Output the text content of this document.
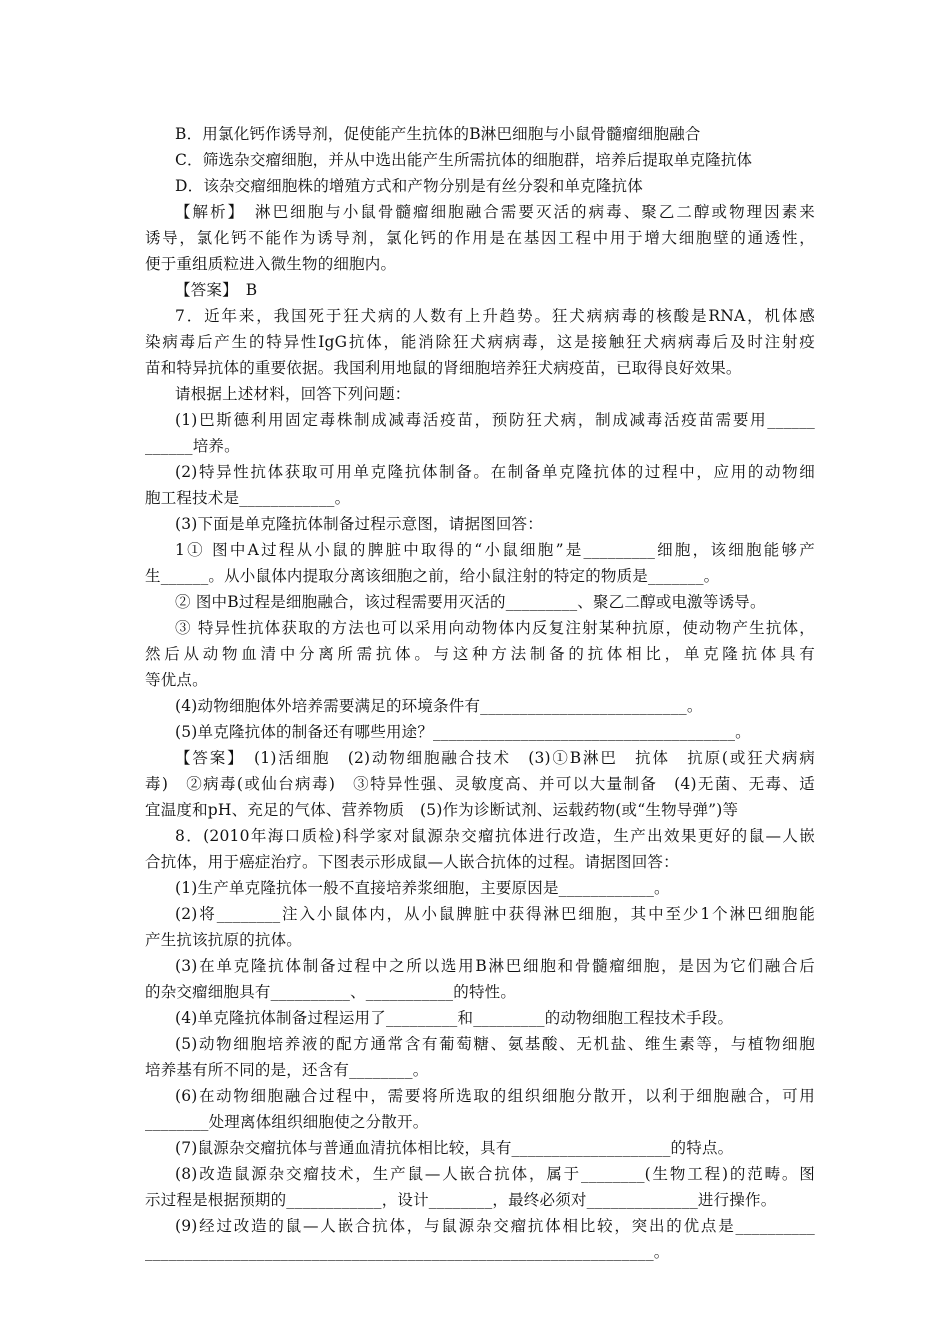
B．用氯化钙作诱导剂，促使能产生抗体的B淋巴细胞与小鼠骨髓瘤细胞融合
C．筛选杂交瘤细胞，并从中选出能产生所需抗体的细胞群，培养后提取单克隆抗体
D．该杂交瘤细胞株的增殖方式和产物分别是有丝分裂和单克隆抗体
【解析】　淋巴细胞与小鼠骨髓瘤细胞融合需要灭活的病毒、聚乙二醇或物理因素来
诱导，氯化钙不能作为诱导剂，氯化钙的作用是在基因工程中用于增大细胞壁的通透性，
便于重组质粒进入微生物的细胞内。
【答案】　B
7．近年来，我国死于狂犬病的人数有上升趋势。狂犬病病毒的核酸是RNA，机体感
染病毒后产生的特异性IgG抗体，能消除狂犬病病毒，这是接触狂犬病病毒后及时注射疫
苗和特异抗体的重要依据。我国利用地鼠的肾细胞培养狂犬病疫苗，已取得良好效果。
请根据上述材料，回答下列问题：
(1)巴斯德利用固定毒株制成减毒活疫苗，预防狂犬病，制成减毒活疫苗需要用______
______培养。
(2)特异性抗体获取可用单克隆抗体制备。在制备单克隆抗体的过程中，应用的动物细
胞工程技术是____________。
(3)下面是单克隆抗体制备过程示意图，请据图回答：
1① 图中A过程从小鼠的脾脏中取得的“小鼠细胞”是_________细胞，该细胞能够产
生______。从小鼠体内提取分离该细胞之前，给小鼠注射的特定的物质是_______。
② 图中B过程是细胞融合，该过程需要用灭活的_________、聚乙二醇或电激等诱导。
③ 特异性抗体获取的方法也可以采用向动物体内反复注射某种抗原，使动物产生抗体，
然后从动物血清中分离所需抗体。与这种方法制备的抗体相比，单克隆抗体具有
等优点。
(4)动物细胞体外培养需要满足的环境条件有__________________________。
(5)单克隆抗体的制备还有哪些用途？______________________________________。
【答案】　(1)活细胞　(2)动物细胞融合技术　(3)①B淋巴　抗体　抗原(或狂犬病病
毒)　②病毒(或仙台病毒)　③特异性强、灵敏度高、并可以大量制备　(4)无菌、无毒、适
宜温度和pH、充足的气体、营养物质　(5)作为诊断试剂、运载药物(或“生物导弹”)等
8．(2010年海口质检)科学家对鼠源杂交瘤抗体进行改造，生产出效果更好的鼠—人嵌
合抗体，用于癌症治疗。下图表示形成鼠—人嵌合抗体的过程。请据图回答：
(1)生产单克隆抗体一般不直接培养浆细胞，主要原因是____________。
(2)将________注入小鼠体内，从小鼠脾脏中获得淋巴细胞，其中至少1个淋巴细胞能
产生抗该抗原的抗体。
(3)在单克隆抗体制备过程中之所以选用B淋巴细胞和骨髓瘤细胞，是因为它们融合后
的杂交瘤细胞具有__________、___________的特性。
(4)单克隆抗体制备过程运用了_________和_________的动物细胞工程技术手段。
(5)动物细胞培养液的配方通常含有葡萄糖、氨基酸、无机盐、维生素等，与植物细胞
培养基有所不同的是，还含有________。
(6)在动物细胞融合过程中，需要将所选取的组织细胞分散开，以利于细胞融合，可用
________处理离体组织细胞使之分散开。
(7)鼠源杂交瘤抗体与普通血清抗体相比较，具有____________________的特点。
(8)改造鼠源杂交瘤技术，生产鼠—人嵌合抗体，属于________(生物工程)的范畴。图
示过程是根据预期的____________，设计________，最终必须对______________进行操作。
(9)经过改造的鼠—人嵌合抗体，与鼠源杂交瘤抗体相比较，突出的优点是__________
________________________________________________________________。
